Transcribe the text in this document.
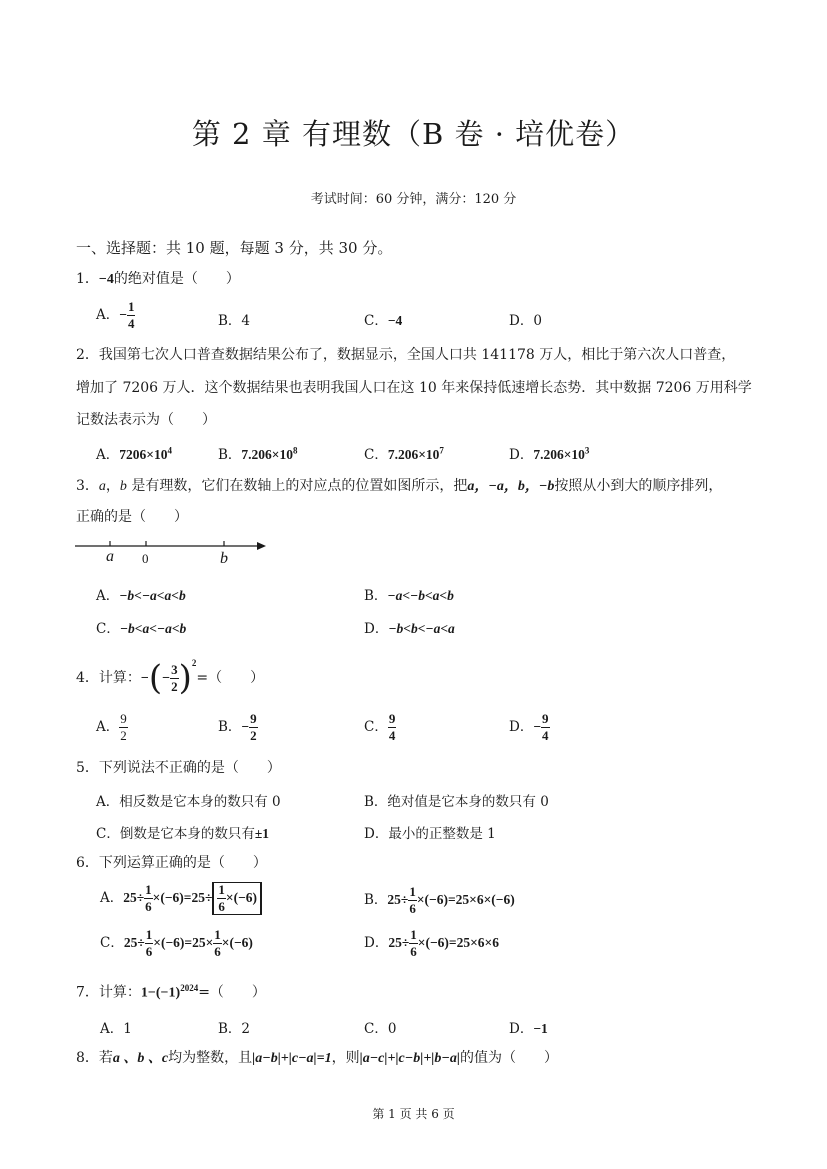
第 2 章 有理数（B 卷 · 培优卷）
考试时间：60 分钟，满分：120 分
一、选择题：共 10 题，每题 3 分，共 30 分。
1．−4的绝对值是（　　）
A．− $\frac{1}{4}$	B．4	C．−4	D．0
2．我国第七次人口普查数据结果公布了，数据显示，全国人口共 141178 万人，相比于第六次人口普查，
增加了 7206 万人．这个数据结果也表明我国人口在这 10 年来保持低速增长态势．其中数据 7206 万用科学
记数法表示为（　　）
A．$7206\times 10^4$	B．$7.206\times 10^8$	C．$7.206\times 10^7$	D．$7.206\times 10^3$
3．a，b 是有理数，它们在数轴上的对应点的位置如图所示，把a，−a，b，−b按照从小到大的顺序排列，
正确的是（　　）
a 0	b
A．−b<−a<a<b	B．−a<−b<a<b
C．−b<a<−a<b	D．−b<b<−a<a
4．计算：−(− $\frac{3}{2} )^2=$（　　）
A． $\frac{9}{2}$	B．− $\frac{9}{2}$	C． $\frac{9}{4}$	D．− $\frac{9}{4}$
5．下列说法不正确的是（　　）
A．相反数是它本身的数只有 0	B．绝对值是它本身的数只有 0
C．倒数是它本身的数只有±1	D．最小的正整数是 1
6．下列运算正确的是（　　）
A．$25\div \frac{1}{6} \times(-6)=25\div \frac{1}{6} \times(-6)$	B．$25\div \frac{1}{6} \times(-6)=25\times 6\times(-6)$
C．$25\div \frac{1}{6} \times(-6)=25\times \frac{1}{6} \times(-6)$	D．$25\div \frac{1}{6} \times(-6)=25\times 6\times 6$
7．计算：$1-(-1)^{2024}=$（　　）
A．1	B．2	C．0	D．−1
8．若a 、b 、c均为整数，且|a−b|+|c−a|=1，则|a−c|+|c−b|+|b−a|的值为（　　）
第 1 页 共 6 页
